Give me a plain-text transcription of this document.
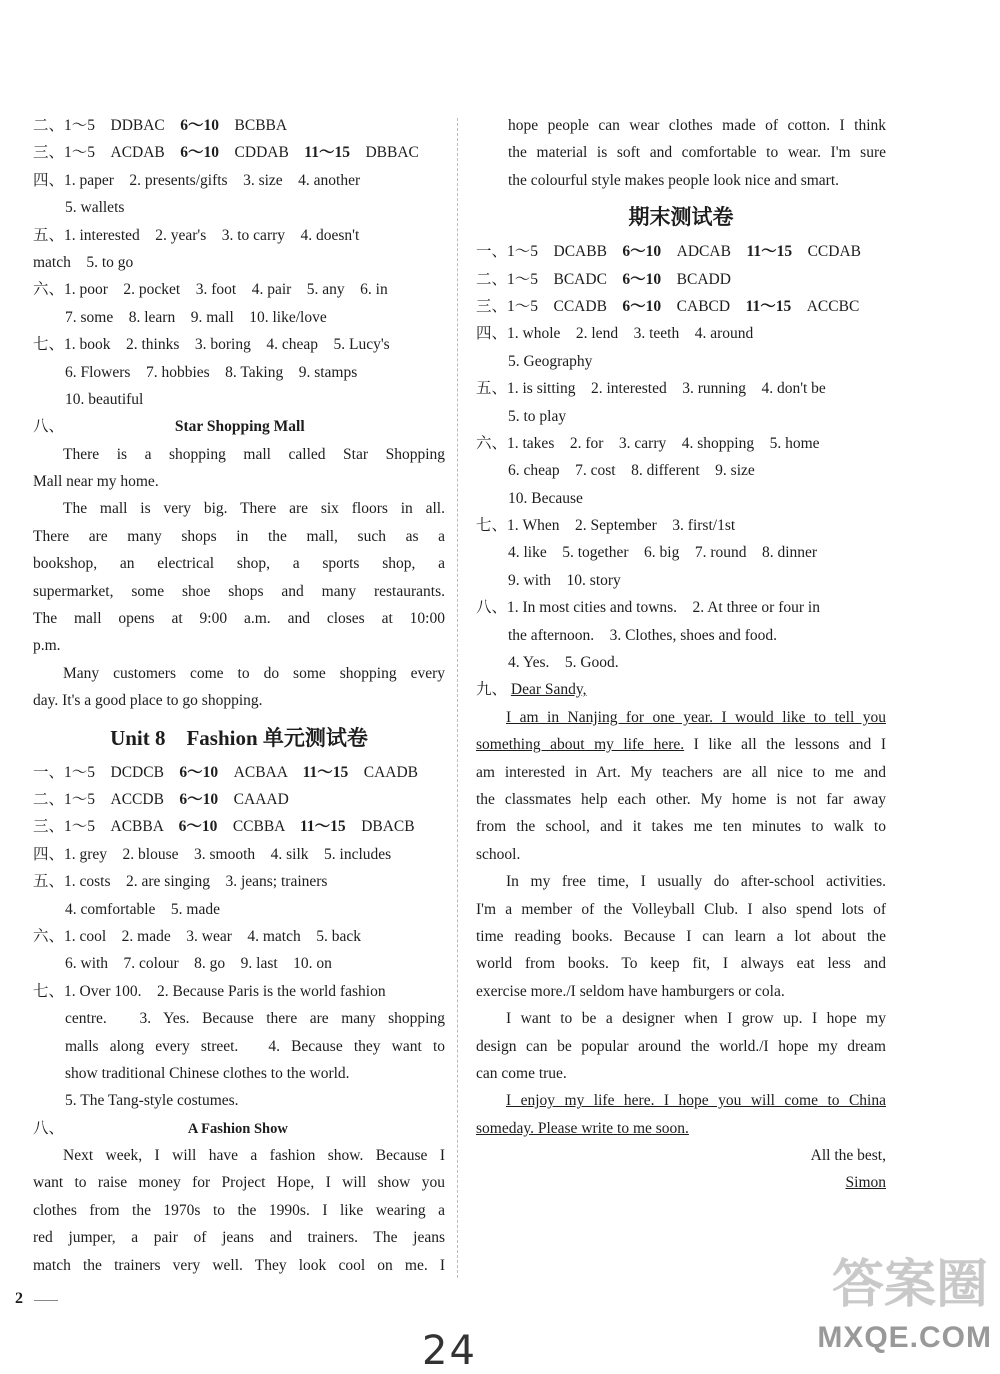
二、1～5　DDBAC　6～10　BCBBA
三、1～5　ACDAB　6～10　CDDAB　11～15　DBBAC
四、1. paper　2. presents/gifts　3. size　4. another
5. wallets
五、1. interested　2. year's　3. to carry　4. doesn't
match　5. to go
六、1. poor　2. pocket　3. foot　4. pair　5. any　6. in
7. some　8. learn　9. mall　10. like/love
七、1. book　2. thinks　3. boring　4. cheap　5. Lucy's
6. Flowers　7. hobbies　8. Taking　9. stamps
10. beautiful
八、	Star Shopping Mall
There is a shopping mall called Star Shopping
Mall near my home.
The mall is very big. There are six floors in all.
There are many shops in the mall, such as a
bookshop, an electrical shop, a sports shop, a
supermarket, some shoe shops and many restaurants.
The mall opens at 9:00 a.m. and closes at 10:00
p.m.
Many customers come to do some shopping every
day. It's a good place to go shopping.
Unit 8　Fashion 单元测试卷
一、1～5　DCDCB　6～10　ACBAA　11～15　CAADB
二、1～5　ACCDB　6～10　CAAAD
三、1～5　ACBBA　6～10　CCBBA　11～15　DBACB
四、1. grey　2. blouse　3. smooth　4. silk　5. includes
五、1. costs　2. are singing　3. jeans; trainers
4. comfortable　5. made
六、1. cool　2. made　3. wear　4. match　5. back
6. with　7. colour　8. go　9. last　10. on
七、1. Over 100.　2. Because Paris is the world fashion
centre.　3. Yes. Because there are many shopping
malls along every street.　4. Because they want to
show traditional Chinese clothes to the world.
5. The Tang-style costumes.
八、	A Fashion Show
Next week, I will have a fashion show. Because I
want to raise money for Project Hope, I will show you
clothes from the 1970s to the 1990s. I like wearing a
red jumper, a pair of jeans and trainers. The jeans
match the trainers very well. They look cool on me. I
hope people can wear clothes made of cotton. I think
the material is soft and comfortable to wear. I'm sure
the colourful style makes people look nice and smart.
期末测试卷
一、1～5　DCABB　6～10　ADCAB　11～15　CCDAB
二、1～5　BCADC　6～10　BCADD
三、1～5　CCADB　6～10　CABCD　11～15　ACCBC
四、1. whole　2. lend　3. teeth　4. around
5. Geography
五、1. is sitting　2. interested　3. running　4. don't be
5. to play
六、1. takes　2. for　3. carry　4. shopping　5. home
6. cheap　7. cost　8. different　9. size
10. Because
七、1. When　2. September　3. first/1st
4. like　5. together　6. big　7. round　8. dinner
9. with　10. story
八、1. In most cities and towns.　2. At three or four in
the afternoon.　3. Clothes, shoes and food.
4. Yes.　5. Good.
九、 Dear Sandy,
I am in Nanjing for one year. I would like to tell you
something about my life here. I like all the lessons and I
am interested in Art. My teachers are all nice to me and
the classmates help each other. My home is not far away
from the school, and it takes me ten minutes to walk to
school.
In my free time, I usually do after-school activities.
I'm a member of the Volleyball Club. I also spend lots of
time reading books. Because I can learn a lot about the
world from books. To keep fit, I always eat less and
exercise more./I seldom have hamburgers or cola.
I want to be a designer when I grow up. I hope my
design can be popular around the world./I hope my dream
can come true.
I enjoy my life here. I hope you will come to China
someday. Please write to me soon.
All the best,
Simon
2
24
答案圈
MXQE.COM
